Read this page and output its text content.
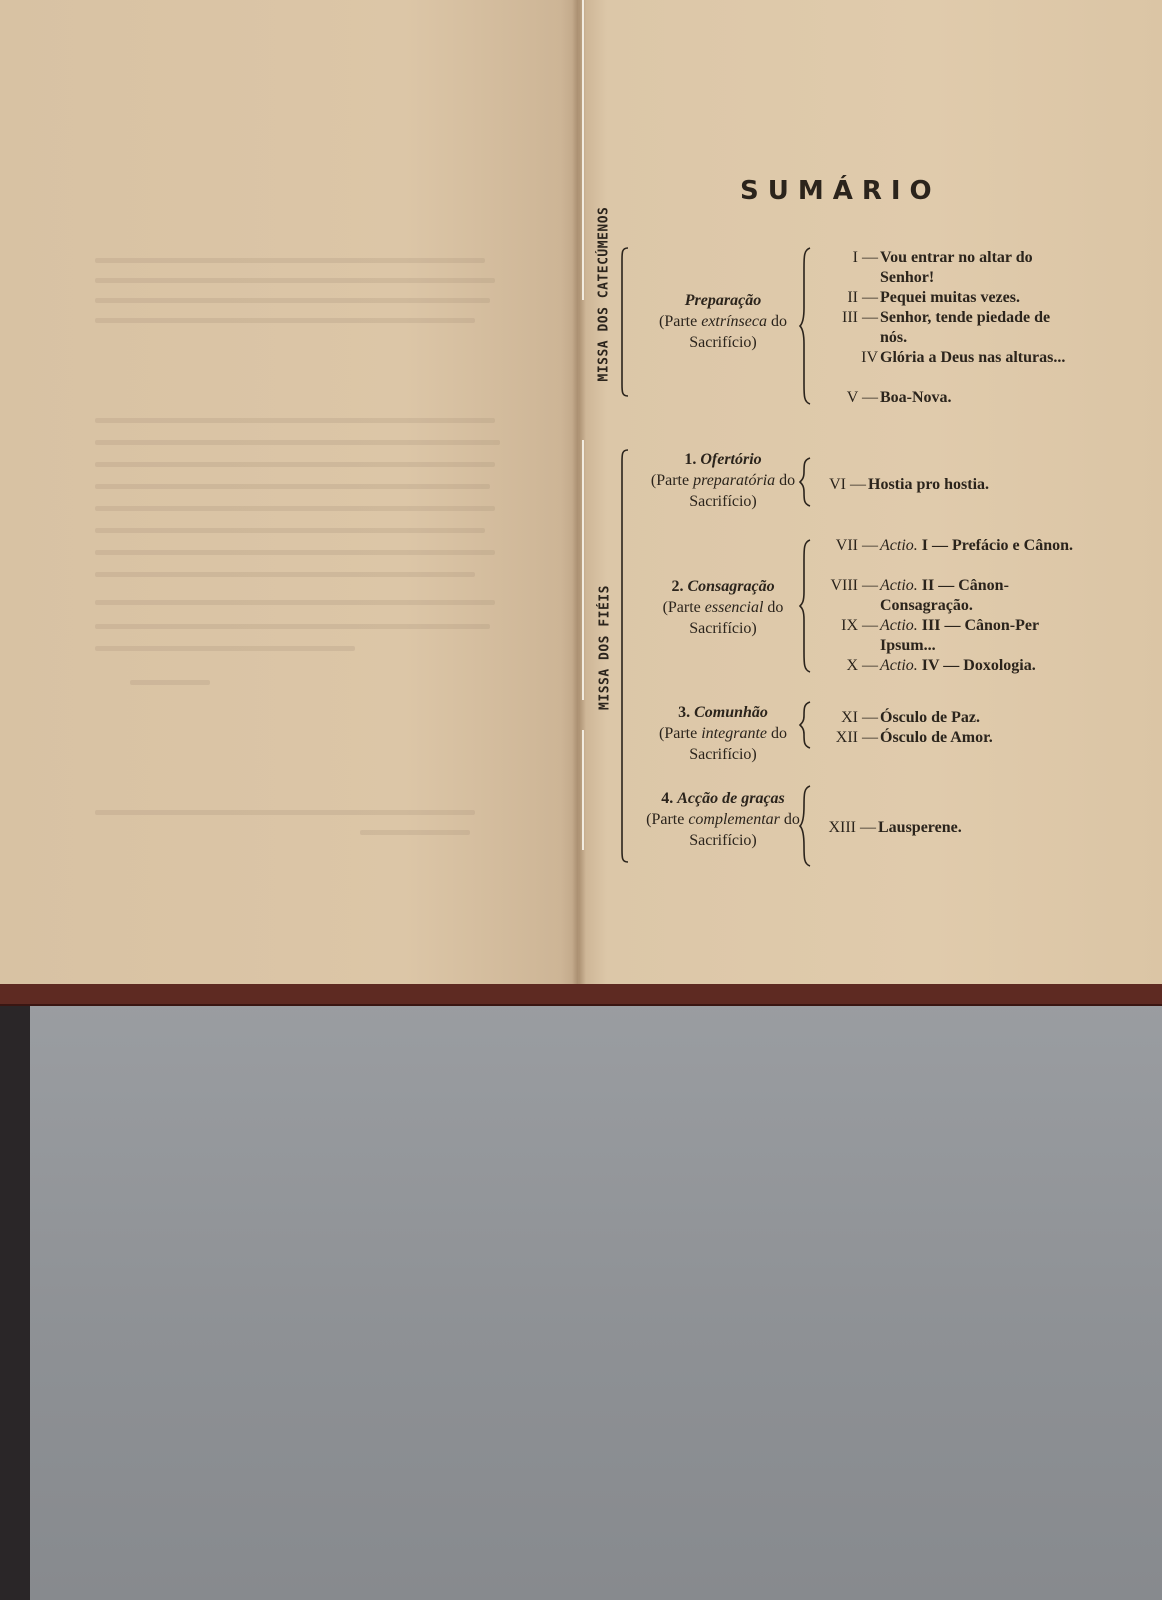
SUMÁRIO
MISSA DOS CATECÚMENOS
MISSA DOS FIÉIS
Preparação
(Parte extrínseca do Sacrifício)
I — Vou entrar no altar do Senhor!
II — Pequei muitas vezes.
III — Senhor, tende piedade de nós.
IV Glória a Deus nas alturas...
V — Boa-Nova.
1. Ofertório
(Parte preparatória do Sacrifício)
VI — Hostia pro hostia.
2. Consagração
(Parte essencial do Sacrifício)
VII — Actio. I — Prefácio e Cânon.
VIII — Actio. II — Cânon-Consagração.
IX — Actio. III — Cânon-Per Ipsum...
X — Actio. IV — Doxologia.
3. Comunhão
(Parte integrante do Sacrifício)
XI — Ósculo de Paz.
XII — Ósculo de Amor.
4. Acção de graças
(Parte complementar do Sacrifício)
XIII — Lausperene.
